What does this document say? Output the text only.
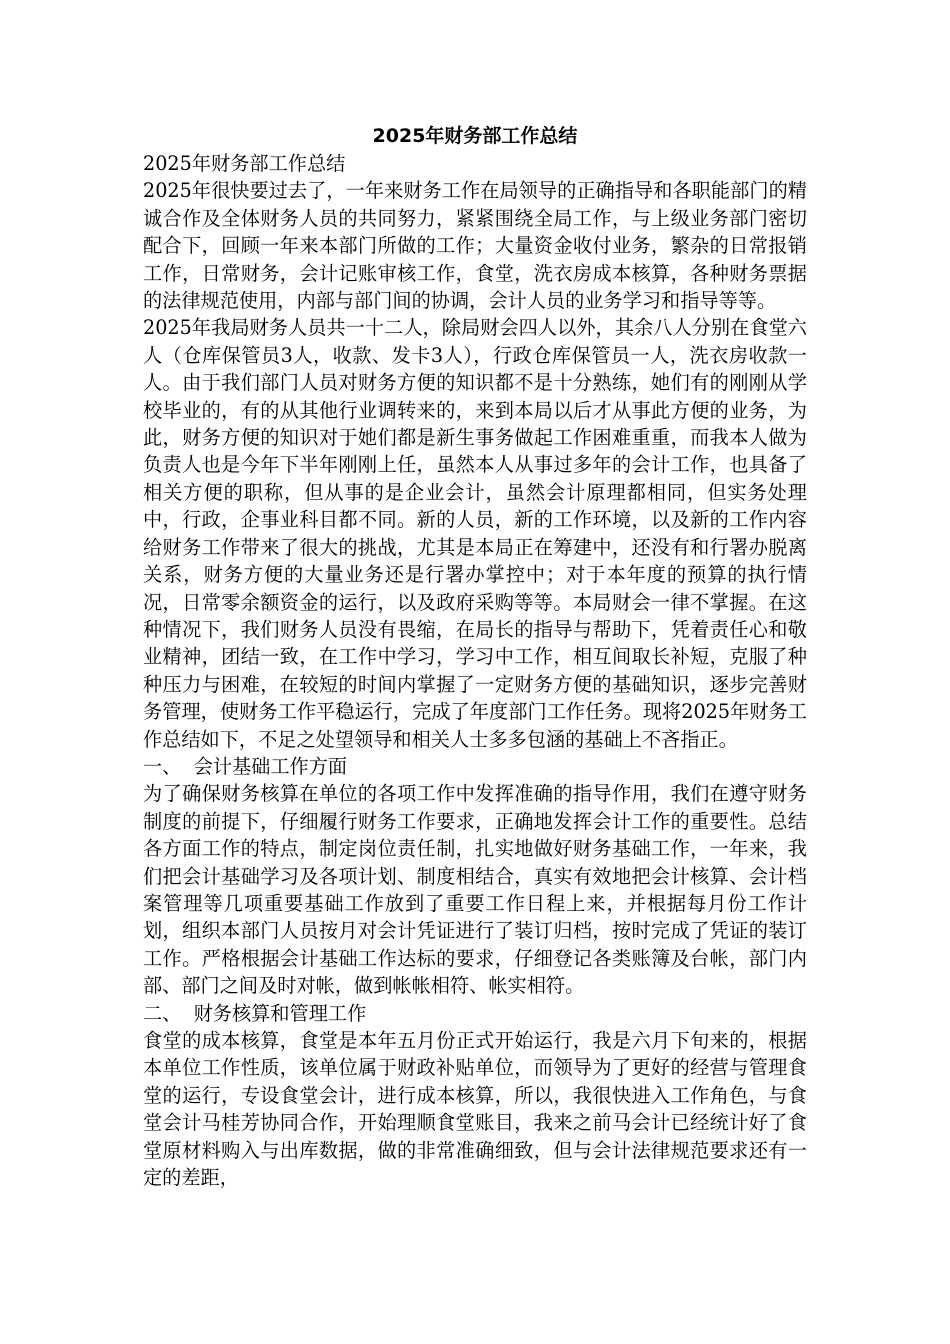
2025年财务部工作总结

2025年财务部工作总结

2025年很快要过去了，一年来财务工作在局领导的正确指导和各职能部门的精诚合作及全体财务人员的共同努力，紧紧围绕全局工作，与上级业务部门密切配合下，回顾一年来本部门所做的工作；大量资金收付业务，繁杂的日常报销工作，日常财务，会计记账审核工作，食堂，洗衣房成本核算，各种财务票据的法律规范使用，内部与部门间的协调，会计人员的业务学习和指导等等。

2025年我局财务人员共一十二人，除局财会四人以外，其余八人分别在食堂六人（仓库保管员3人，收款、发卡3人），行政仓库保管员一人，洗衣房收款一人。由于我们部门人员对财务方便的知识都不是十分熟练，她们有的刚刚从学校毕业的，有的从其他行业调转来的，来到本局以后才从事此方便的业务，为此，财务方便的知识对于她们都是新生事务做起工作困难重重，而我本人做为负责人也是今年下半年刚刚上任，虽然本人从事过多年的会计工作，也具备了相关方便的职称，但从事的是企业会计，虽然会计原理都相同，但实务处理中，行政，企事业科目都不同。新的人员，新的工作环境，以及新的工作内容给财务工作带来了很大的挑战，尤其是本局正在筹建中，还没有和行署办脱离关系，财务方便的大量业务还是行署办掌控中；对于本年度的预算的执行情况，日常零余额资金的运行，以及政府采购等等。本局财会一律不掌握。在这种情况下，我们财务人员没有畏缩，在局长的指导与帮助下，凭着责任心和敬业精神，团结一致，在工作中学习，学习中工作，相互间取长补短，克服了种种压力与困难，在较短的时间内掌握了一定财务方便的基础知识，逐步完善财务管理，使财务工作平稳运行，完成了年度部门工作任务。现将2025年财务工作总结如下，不足之处望领导和相关人士多多包涵的基础上不吝指正。

一、  会计基础工作方面

为了确保财务核算在单位的各项工作中发挥准确的指导作用，我们在遵守财务制度的前提下，仔细履行财务工作要求，正确地发挥会计工作的重要性。总结各方面工作的特点，制定岗位责任制，扎实地做好财务基础工作，一年来，我们把会计基础学习及各项计划、制度相结合，真实有效地把会计核算、会计档案管理等几项重要基础工作放到了重要工作日程上来，并根据每月份工作计划，组织本部门人员按月对会计凭证进行了装订归档，按时完成了凭证的装订工作。严格根据会计基础工作达标的要求，仔细登记各类账簿及台帐，部门内部、部门之间及时对帐，做到帐帐相符、帐实相符。

二、  财务核算和管理工作

食堂的成本核算，食堂是本年五月份正式开始运行，我是六月下旬来的，根据本单位工作性质，该单位属于财政补贴单位，而领导为了更好的经营与管理食堂的运行，专设食堂会计，进行成本核算，所以，我很快进入工作角色，与食堂会计马桂芳协同合作，开始理顺食堂账目，我来之前马会计已经统计好了食堂原材料购入与出库数据，做的非常准确细致，但与会计法律规范要求还有一定的差距，
